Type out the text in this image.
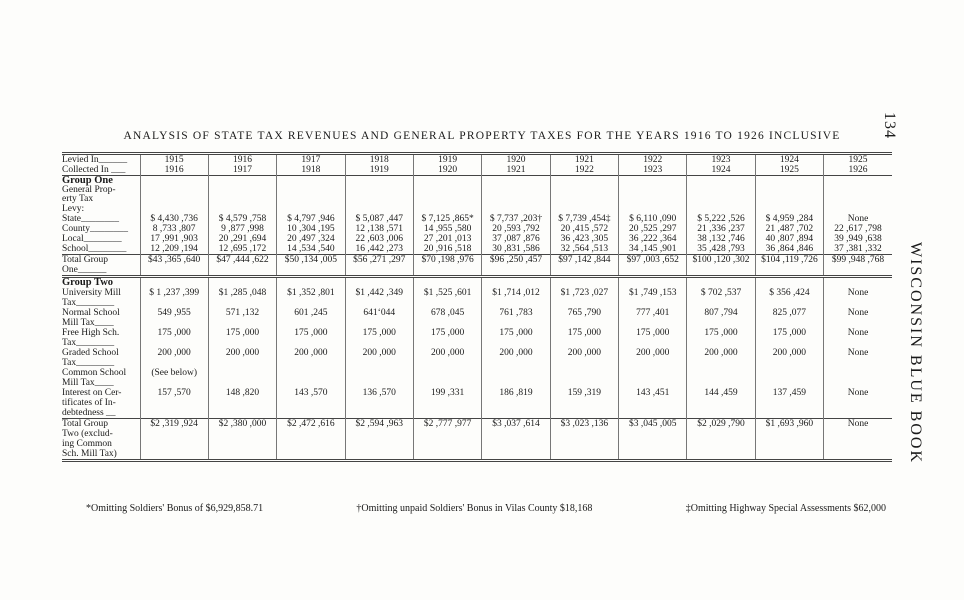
134
WISCONSIN BLUE BOOK
ANALYSIS OF STATE TAX REVENUES AND GENERAL PROPERTY TAXES FOR THE YEARS 1916 TO 1926 INCLUSIVE
Levied In______	1915	1916	1917	1918	1919	1920	1921	1922	1923	1924	1925

Collected In ___	1916	1917	1918	1919	1920	1921	1922	1923	1924	1925	1926

Group One
General Prop-
erty Tax
Levy:											

State________	$ 4,430 ,736	$ 4,579 ,758	$ 4,797 ,946	$ 5,087 ,447	$ 7,125 ,865*	$ 7,737 ,203†	$ 7,739 ,454‡	$ 6,110 ,090	$ 5,222 ,526	$ 4,959 ,284	None

County________	8 ,733 ,807	9 ,877 ,998	10 ,304 ,195	12 ,138 ,571	14 ,955 ,580	20 ,593 ,792	20 ,415 ,572	20 ,525 ,297	21 ,336 ,237	21 ,487 ,702	22 ,617 ,798

Local________	17 ,991 ,903	20 ,291 ,694	20 ,497 ,324	22 ,603 ,006	27 ,201 ,013	37 ,087 ,876	36 ,423 ,305	36 ,222 ,364	38 ,132 ,746	40 ,807 ,894	39 ,949 ,638

School________	12 ,209 ,194	12 ,695 ,172	14 ,534 ,540	16 ,442 ,273	20 ,916 ,518	30 ,831 ,586	32 ,564 ,513	34 ,145 ,901	35 ,428 ,793	36 ,864 ,846	37 ,381 ,332

Total Group
One______	$43 ,365 ,640	$47 ,444 ,622	$50 ,134 ,005	$56 ,271 ,297	$70 ,198 ,976	$96 ,250 ,457	$97 ,142 ,844	$97 ,003 ,652	$100 ,120 ,302	$104 ,119 ,726	$99 ,948 ,768

Group Two											

University Mill
Tax________	$ 1 ,237 ,399	$1 ,285 ,048	$1 ,352 ,801	$1 ,442 ,349	$1 ,525 ,601	$1 ,714 ,012	$1 ,723 ,027	$1 ,749 ,153	$ 702 ,537	$ 356 ,424	None

Normal School
Mill Tax____	549 ,955	571 ,132	601 ,245	641ʻ044	678 ,045	761 ,783	765 ,790	777 ,401	807 ,794	825 ,077	None

Free High Sch.
Tax________	175 ,000	175 ,000	175 ,000	175 ,000	175 ,000	175 ,000	175 ,000	175 ,000	175 ,000	175 ,000	None

Graded School
Tax________	200 ,000	200 ,000	200 ,000	200 ,000	200 ,000	200 ,000	200 ,000	200 ,000	200 ,000	200 ,000	None

Common School
Mill Tax____	(See below)										

Interest on Cer-
tificates of In-
debtedness __	157 ,570	148 ,820	143 ,570	136 ,570	199 ,331	186 ,819	159 ,319	143 ,451	144 ,459	137 ,459	None

Total Group
Two (exclud-
ing Common
Sch. Mill Tax)	$2 ,319 ,924	$2 ,380 ,000	$2 ,472 ,616	$2 ,594 ,963	$2 ,777 ,977	$3 ,037 ,614	$3 ,023 ,136	$3 ,045 ,005	$2 ,029 ,790	$1 ,693 ,960	None
*Omitting Soldiers' Bonus of $6,929,858.71	†Omitting unpaid Soldiers' Bonus in Vilas County $18,168	‡Omitting Highway Special Assessments $62,000
